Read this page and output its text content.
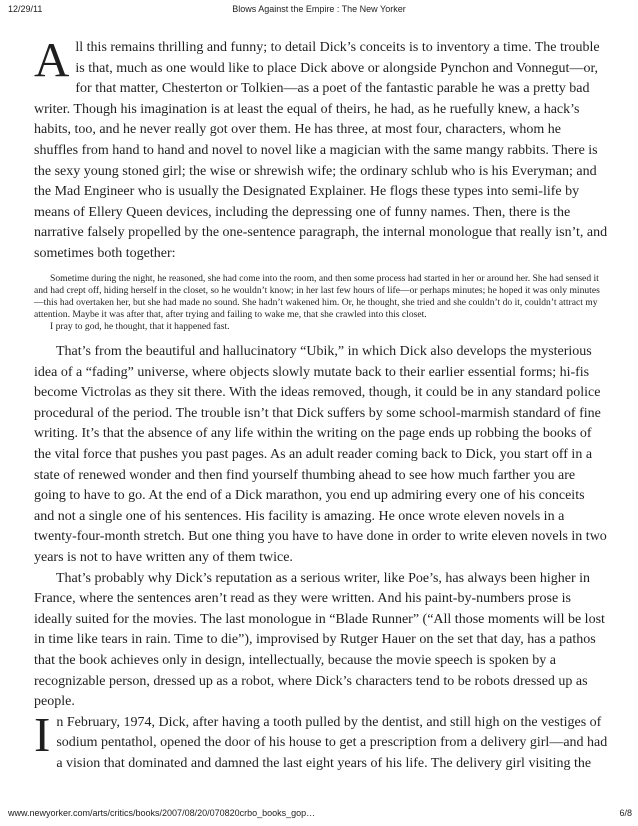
12/29/11	Blows Against the Empire : The New Yorker

All this remains thrilling and funny; to detail Dick’s conceits is to inventory a time. The trouble is that, much as one would like to place Dick above or alongside Pynchon and Vonnegut—or, for that matter, Chesterton or Tolkien—as a poet of the fantastic parable he was a pretty bad writer. Though his imagination is at least the equal of theirs, he had, as he ruefully knew, a hack’s habits, too, and he never really got over them. He has three, at most four, characters, whom he shuffles from hand to hand and novel to novel like a magician with the same mangy rabbits. There is the sexy young stoned girl; the wise or shrewish wife; the ordinary schlub who is his Everyman; and the Mad Engineer who is usually the Designated Explainer. He flogs these types into semi-life by means of Ellery Queen devices, including the depressing one of funny names. Then, there is the narrative falsely propelled by the one-sentence paragraph, the internal monologue that really isn’t, and sometimes both together:

Sometime during the night, he reasoned, she had come into the room, and then some process had started in her or around her. She had sensed it and had crept off, hiding herself in the closet, so he wouldn’t know; in her last few hours of life—or perhaps minutes; he hoped it was only minutes—this had overtaken her, but she had made no sound. She hadn’t wakened him. Or, he thought, she tried and she couldn’t do it, couldn’t attract my attention. Maybe it was after that, after trying and failing to wake me, that she crawled into this closet.

I pray to god, he thought, that it happened fast.

That’s from the beautiful and hallucinatory “Ubik,” in which Dick also develops the mysterious idea of a “fading” universe, where objects slowly mutate back to their earlier essential forms; hi-fis become Victrolas as they sit there. With the ideas removed, though, it could be in any standard police procedural of the period. The trouble isn’t that Dick suffers by some school-marmish standard of fine writing. It’s that the absence of any life within the writing on the page ends up robbing the books of the vital force that pushes you past pages. As an adult reader coming back to Dick, you start off in a state of renewed wonder and then find yourself thumbing ahead to see how much farther you are going to have to go. At the end of a Dick marathon, you end up admiring every one of his conceits and not a single one of his sentences. His facility is amazing. He once wrote eleven novels in a twenty-four-month stretch. But one thing you have to have done in order to write eleven novels in two years is not to have written any of them twice.

That’s probably why Dick’s reputation as a serious writer, like Poe’s, has always been higher in France, where the sentences aren’t read as they were written. And his paint-by-numbers prose is ideally suited for the movies. The last monologue in “Blade Runner” (“All those moments will be lost in time like tears in rain. Time to die”), improvised by Rutger Hauer on the set that day, has a pathos that the book achieves only in design, intellectually, because the movie speech is spoken by a recognizable person, dressed up as a robot, where Dick’s characters tend to be robots dressed up as people.

In February, 1974, Dick, after having a tooth pulled by the dentist, and still high on the vestiges of sodium pentathol, opened the door of his house to get a prescription from a delivery girl—and had a vision that dominated and damned the last eight years of his life. The delivery girl visiting the

www.newyorker.com/arts/critics/books/2007/08/20/070820crbo_books_gop…	6/8
